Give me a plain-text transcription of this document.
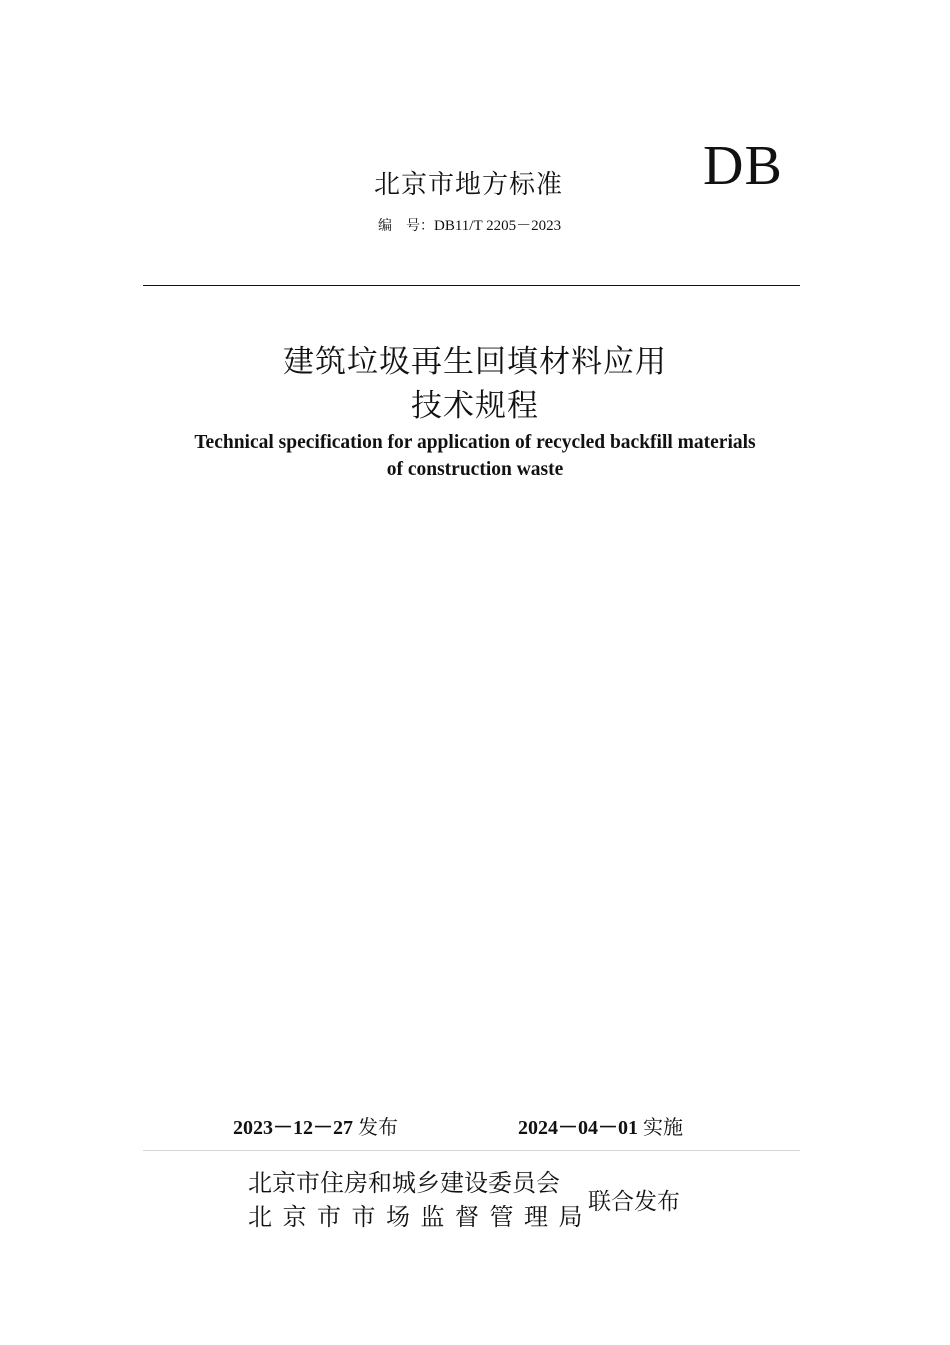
北京市地方标准 DB
编　号：DB11/T 2205－2023
建筑垃圾再生回填材料应用
技术规程
Technical specification for application of recycled backfill materials
of construction waste
2023－12－27 发布	2024－04－01 实施
北京市住房和城乡建设委员会
北京市市场监督管理局
联合发布
